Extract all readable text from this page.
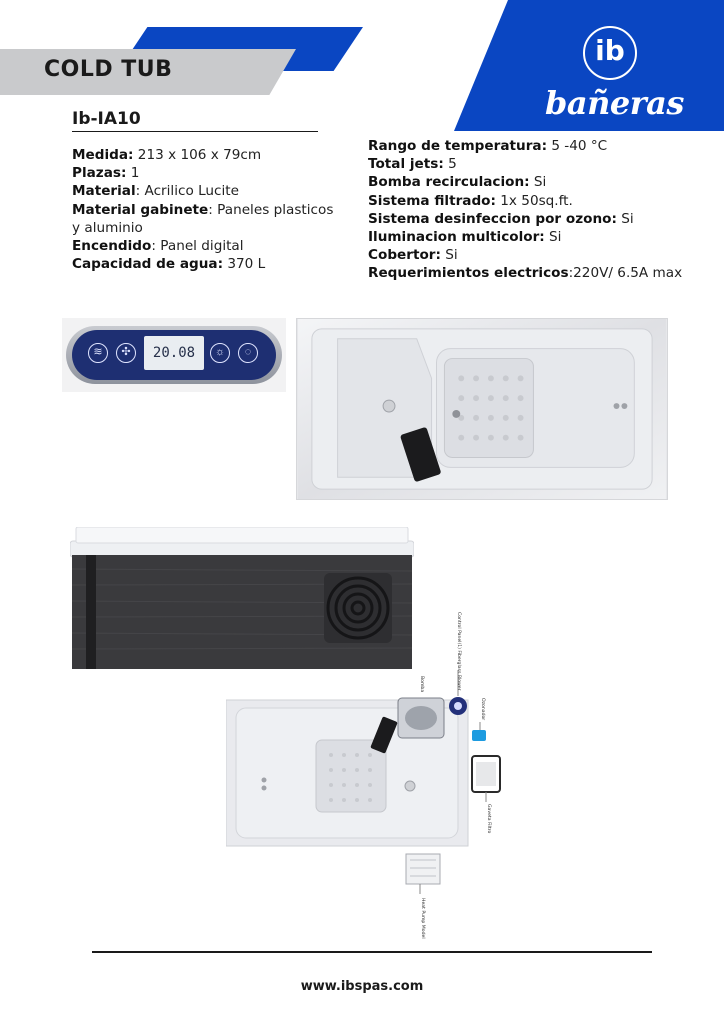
COLD TUB
ib
bañeras
Ib-IA10
Medida: 213 x 106 x 79cm
Plazas: 1
Material: Acrilico Lucite
Material gabinete: Paneles plasticos y aluminio
Encendido: Panel digital
Capacidad de agua: 370 L
Rango de temperatura: 5 -40 °C
Total jets: 5
Bomba recirculacion: Si
Sistema filtrado: 1x 50sq.ft.
Sistema desinfeccion por ozono: Si
Iluminacion multicolor: Si
Cobertor: Si
Requerimientos electricos:220V/ 6.5A max
≋	✣	20.08	☼	◌
Control Panel(1) Fiberglass Blower
Bomba
Ozonador
Gaveta Filtro
Heat Pump Model
www.ibspas.com
